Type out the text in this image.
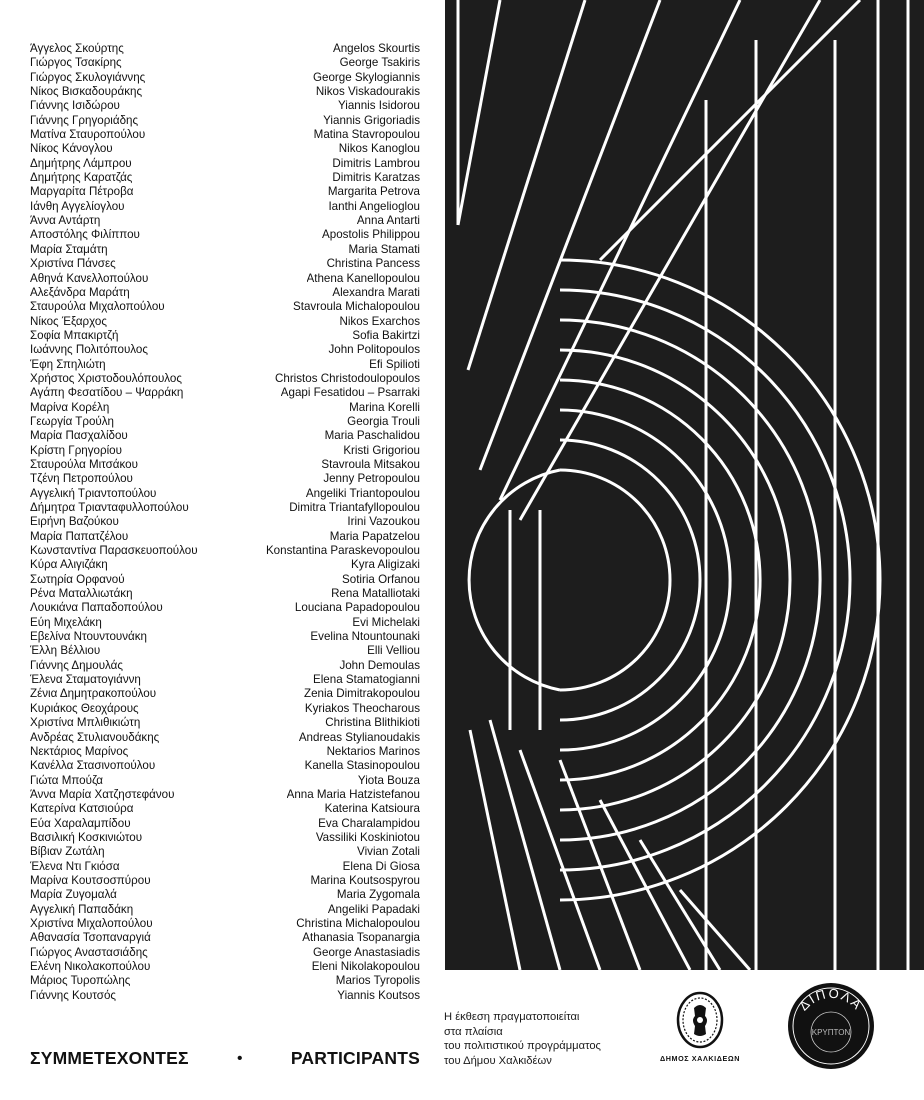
Άγγελος Σκούρτης	Angelos Skourtis
Γιώργος Τσακίρης	George Tsakiris
Γιώργος Σκυλογιάννης	George Skylogiannis
Νίκος Βισκαδουράκης	Nikos Viskadourakis
Γιάννης Ισιδώρου	Yiannis Isidorou
Γιάννης Γρηγοριάδης	Yiannis Grigoriadis
Ματίνα Σταυροπούλου	Matina Stavropoulou
Νίκος Κάνογλου	Nikos Kanoglou
Δημήτρης Λάμπρου	Dimitris Lambrou
Δημήτρης Καρατζάς	Dimitris Karatzas
Μαργαρίτα Πέτροβα	Margarita Petrova
Ιάνθη Αγγελίογλου	Ianthi Angelioglou
Άννα Αντάρτη	Anna Antarti
Αποστόλης Φιλίππου	Apostolis Philippou
Μαρία Σταμάτη	Maria Stamati
Χριστίνα Πάνσες	Christina Pancess
Αθηνά Κανελλοπούλου	Athena Kanellopoulou
Αλεξάνδρα Μαράτη	Alexandra Marati
Σταυρούλα Μιχαλοπούλου	Stavroula Michalopoulou
Νίκος Έξαρχος	Nikos Exarchos
Σοφία Μπακιρτζή	Sofia Bakirtzi
Ιωάννης Πολιτόπουλος	John Politopoulos
Έφη Σπηλιώτη	Efi Spilioti
Χρήστος Χριστοδουλόπουλος	Christos Christodoulopoulos
Αγάπη Φεσατίδου – Ψαρράκη	Agapi Fesatidou – Psarraki
Μαρίνα Κορέλη	Marina Korelli
Γεωργία Τρούλη	Georgia Trouli
Μαρία Πασχαλίδου	Maria Paschalidou
Κρίστη Γρηγορίου	Kristi Grigoriou
Σταυρούλα Μιτσάκου	Stavroula Mitsakou
Τζένη Πετροπούλου	Jenny Petropoulou
Αγγελική Τριαντοπούλου	Angeliki Triantopoulou
Δήμητρα Τριανταφυλλοπούλου	Dimitra Triantafyllopoulou
Ειρήνη Βαζούκου	Irini Vazoukou
Μαρία Παπατζέλου	Maria Papatzelou
Κωνσταντίνα Παρασκευοπούλου	Konstantina Paraskevopoulou
Κύρα Αλιγιζάκη	Kyra Aligizaki
Σωτηρία Ορφανού	Sotiria Orfanou
Ρένα Ματαλλιωτάκη	Rena Matalliotaki
Λουκιάνα Παπαδοπούλου	Louciana Papadopoulou
Εύη Μιχελάκη	Evi Michelaki
Εβελίνα Ντουντουνάκη	Evelina Ntountounaki
Έλλη Βέλλιου	Elli Velliou
Γιάννης Δημουλάς	John Demoulas
Έλενα Σταματογιάννη	Elena Stamatogianni
Ζένια Δημητρακοπούλου	Zenia Dimitrakopoulou
Κυριάκος Θεοχάρους	Kyriakos Theocharous
Χριστίνα Μπλιθικιώτη	Christina Blithikioti
Ανδρέας Στυλιανουδάκης	Andreas Stylianoudakis
Νεκτάριος Μαρίνος	Nektarios Marinos
Κανέλλα Στασινοπούλου	Kanella Stasinopoulou
Γιώτα Μπούζα	Yiota Bouza
Άννα Μαρία Χατζηστεφάνου	Anna Maria Hatzistefanou
Κατερίνα Κατσιούρα	Katerina Katsioura
Εύα Χαραλαμπίδου	Eva Charalampidou
Βασιλική Κοσκινιώτου	Vassiliki Koskiniotou
Βίβιαν Ζωτάλη	Vivian Zotali
Έλενα Ντι Γκιόσα	Elena Di Giosa
Μαρίνα Κουτσοσπύρου	Marina Koutsospyrou
Μαρία Ζυγομαλά	Maria Zygomala
Αγγελική Παπαδάκη	Angeliki Papadaki
Χριστίνα Μιχαλοπούλου	Christina Michalopoulou
Αθανασία Τσοπαναργιά	Athanasia Tsopanargia
Γιώργος Αναστασιάδης	George Anastasiadis
Ελένη Νικολακοπούλου	Eleni Nikolakopoulou
Μάριος Τυροπώλης	Marios Tyropolis
Γιάννης Κουτσός	Yiannis Koutsos
ΣΥΜΜΕΤΕΧΟΝΤΕΣ	•	PARTICIPANTS
Η έκθεση πραγματοποιείται
στα πλαίσια
του πολιτιστικού προγράμματος
του Δήμου Χαλκιδέων	ΔΗΜΟΣ ΧΑΛΚΙΔΕΩΝ
ΔΙΠΟΛΑ
ΚΡΥΠΤΟΝ
